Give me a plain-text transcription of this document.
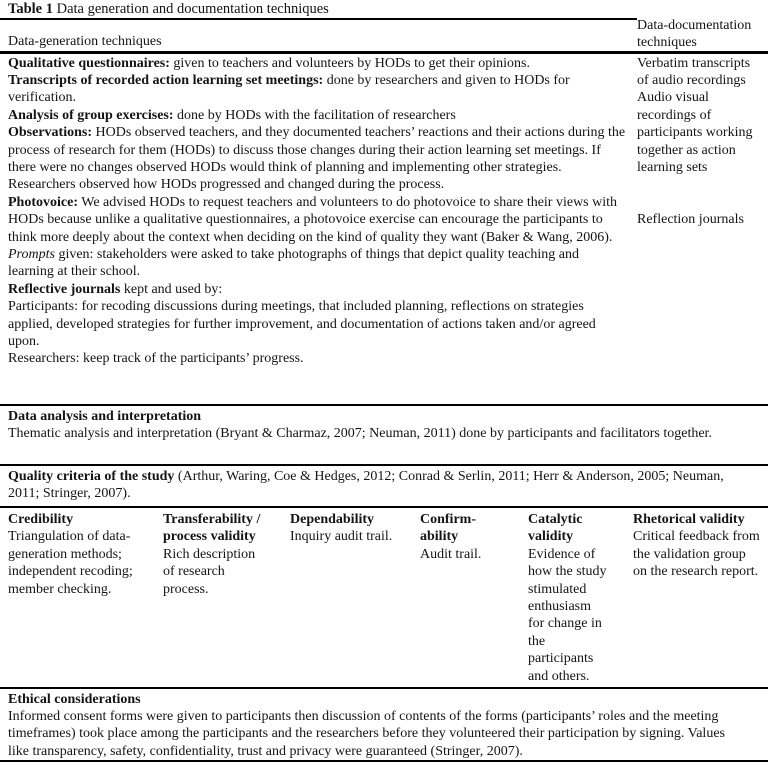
Table 1 Data generation and documentation techniques
Data-generation techniques
Data-documentation techniques

Qualitative questionnaires: given to teachers and volunteers by HODs to get their opinions.

Transcripts of recorded action learning set meetings: done by researchers and given to HODs for verification.

Analysis of group exercises: done by HODs with the facilitation of researchers

Observations: HODs observed teachers, and they documented teachers’ reactions and their actions during the process of research for them (HODs) to discuss those changes during their action learning set meetings. If there were no changes observed HODs would think of planning and implementing other strategies.

Researchers observed how HODs progressed and changed during the process.

Photovoice: We advised HODs to request teachers and volunteers to do photovoice to share their views with HODs because unlike a qualitative questionnaires, a photovoice exercise can encourage the participants to think more deeply about the context when deciding on the kind of quality they want (Baker & Wang, 2006).

Prompts given: stakeholders were asked to take photographs of things that depict quality teaching and learning at their school.

Reflective journals kept and used by:

Participants: for recoding discussions during meetings, that included planning, reflections on strategies applied, developed strategies for further improvement, and documentation of actions taken and/or agreed upon.

Researchers: keep track of the participants’ progress.

Verbatim transcripts of audio recordings

Audio visual recordings of participants working together as action learning sets

Reflection journals

Data analysis and interpretation

Thematic analysis and interpretation (Bryant & Charmaz, 2007; Neuman, 2011) done by participants and facilitators together.

Quality criteria of the study (Arthur, Waring, Coe & Hedges, 2012; Conrad & Serlin, 2011; Herr & Anderson, 2005; Neuman, 2011; Stringer, 2007).

Credibility
Triangulation of data-generation methods; independent recoding; member checking.
Transferability / process validity
Rich description of research process.
Dependability
Inquiry audit trail.
Confirm-ability
Audit trail.
Catalytic validity
Evidence of how the study stimulated enthusiasm for change in the participants and others.
Rhetorical validity
Critical feedback from the validation group on the research report.

Ethical considerations

Informed consent forms were given to participants then discussion of contents of the forms (participants’ roles and the meeting timeframes) took place among the participants and the researchers before they volunteered their participation by signing. Values like transparency, safety, confidentiality, trust and privacy were guaranteed (Stringer, 2007).
